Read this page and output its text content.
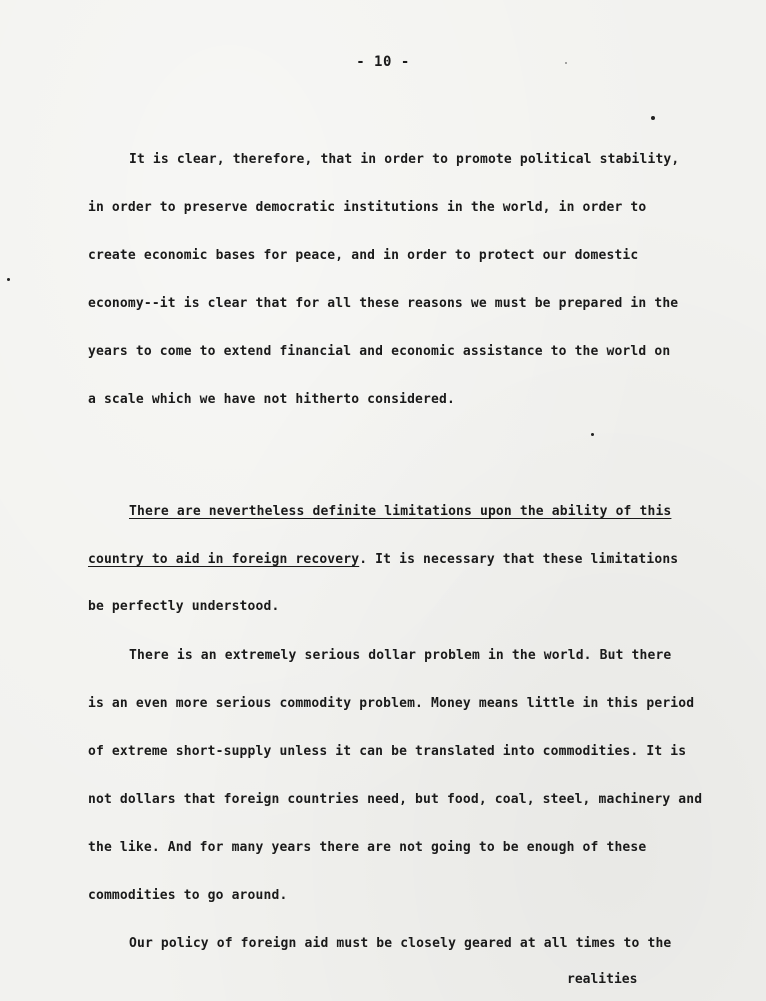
- 10 -
It is clear, therefore, that in order to promote political stability,
in order to preserve democratic institutions in the world, in order to
create economic bases for peace, and in order to protect our domestic
economy--it is clear that for all these reasons we must be prepared in the
years to come to extend financial and economic assistance to the world on
a scale which we have not hitherto considered.
There are nevertheless definite limitations upon the ability of this
country to aid in foreign recovery. It is necessary that these limitations
be perfectly understood.
There is an extremely serious dollar problem in the world. But there
is an even more serious commodity problem. Money means little in this period
of extreme short-supply unless it can be translated into commodities. It is
not dollars that foreign countries need, but food, coal, steel, machinery and
the like. And for many years there are not going to be enough of these
commodities to go around.
Our policy of foreign aid must be closely geared at all times to the
realities
